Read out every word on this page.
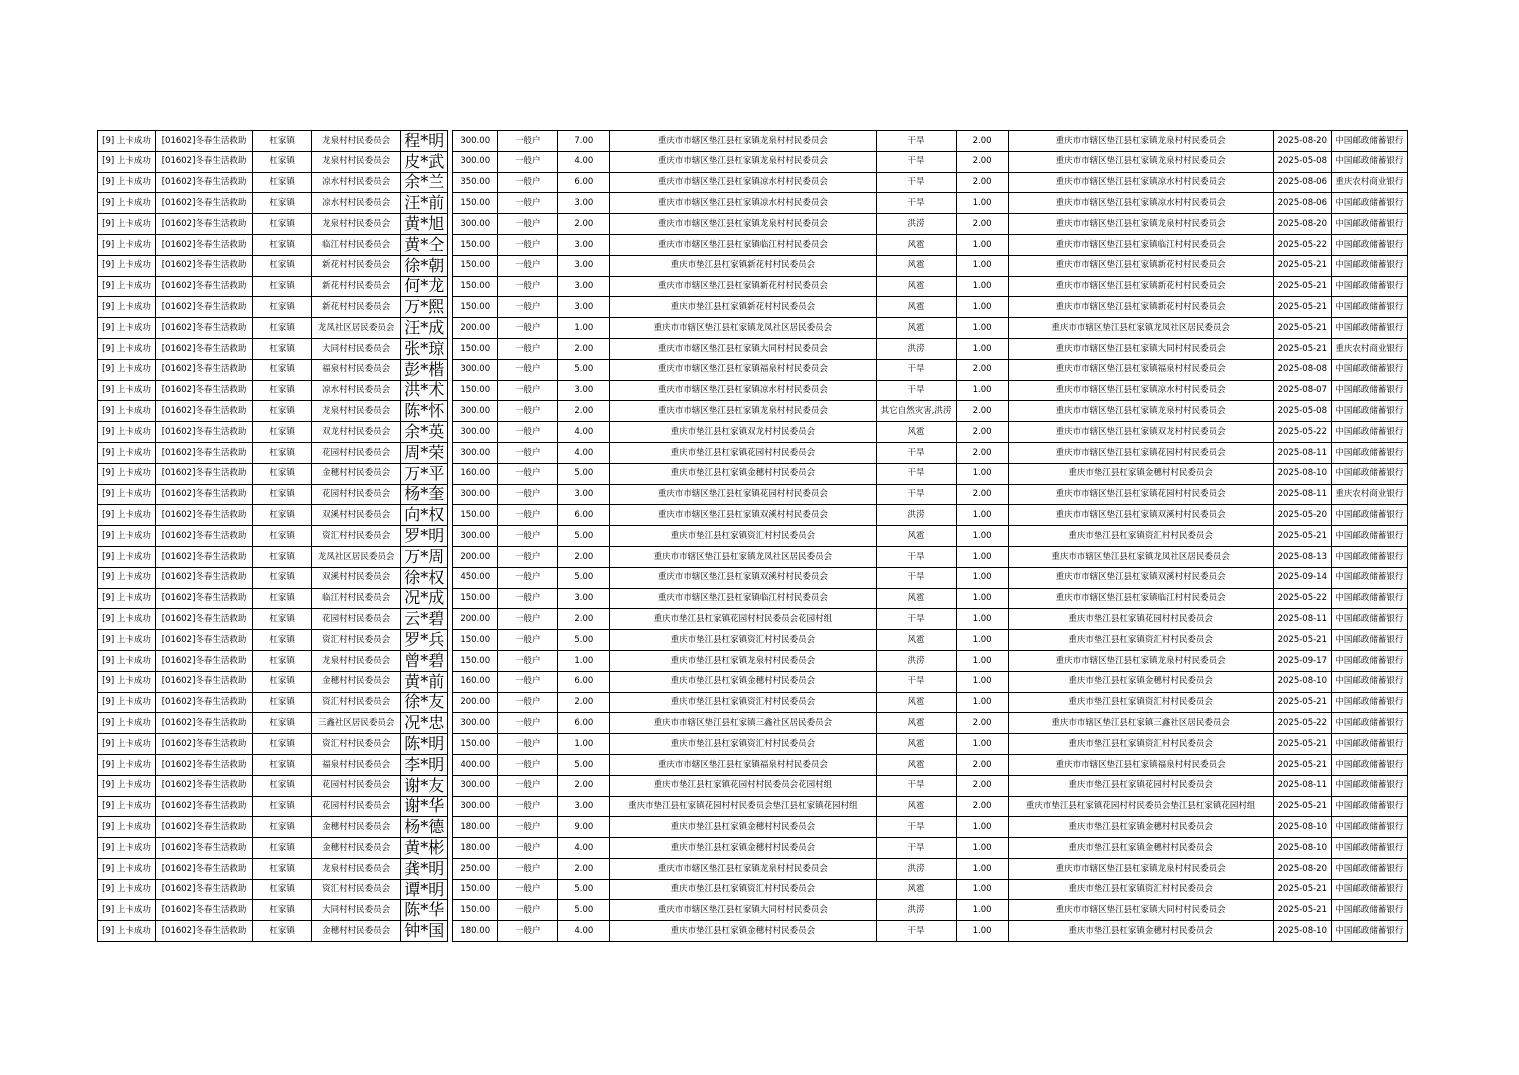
[9] 上卡成功	[01602]冬春生活救助	杠家镇	龙泉村村民委员会	程*明		300.00	一般户	7.00	重庆市市辖区垫江县杠家镇龙泉村村民委员会	干旱	2.00	重庆市市辖区垫江县杠家镇龙泉村村民委员会	2025-08-20	中国邮政储蓄银行
[9] 上卡成功	[01602]冬春生活救助	杠家镇	龙泉村村民委员会	皮*武		300.00	一般户	4.00	重庆市市辖区垫江县杠家镇龙泉村村民委员会	干旱	2.00	重庆市市辖区垫江县杠家镇龙泉村村民委员会	2025-05-08	中国邮政储蓄银行
[9] 上卡成功	[01602]冬春生活救助	杠家镇	凉水村村民委员会	余*兰		350.00	一般户	6.00	重庆市市辖区垫江县杠家镇凉水村村民委员会	干旱	2.00	重庆市市辖区垫江县杠家镇凉水村村民委员会	2025-08-06	重庆农村商业银行
[9] 上卡成功	[01602]冬春生活救助	杠家镇	凉水村村民委员会	汪*前		150.00	一般户	3.00	重庆市市辖区垫江县杠家镇凉水村村民委员会	干旱	1.00	重庆市市辖区垫江县杠家镇凉水村村民委员会	2025-08-06	中国邮政储蓄银行
[9] 上卡成功	[01602]冬春生活救助	杠家镇	龙泉村村民委员会	黄*旭		300.00	一般户	2.00	重庆市市辖区垫江县杠家镇龙泉村村民委员会	洪涝	2.00	重庆市市辖区垫江县杠家镇龙泉村村民委员会	2025-08-20	中国邮政储蓄银行
[9] 上卡成功	[01602]冬春生活救助	杠家镇	临江村村民委员会	黄*仝		150.00	一般户	3.00	重庆市市辖区垫江县杠家镇临江村村民委员会	风雹	1.00	重庆市市辖区垫江县杠家镇临江村村民委员会	2025-05-22	中国邮政储蓄银行
[9] 上卡成功	[01602]冬春生活救助	杠家镇	新花村村民委员会	徐*朝		150.00	一般户	3.00	重庆市垫江县杠家镇新花村村民委员会	风雹	1.00	重庆市市辖区垫江县杠家镇新花村村民委员会	2025-05-21	中国邮政储蓄银行
[9] 上卡成功	[01602]冬春生活救助	杠家镇	新花村村民委员会	何*龙		150.00	一般户	3.00	重庆市市辖区垫江县杠家镇新花村村民委员会	风雹	1.00	重庆市市辖区垫江县杠家镇新花村村民委员会	2025-05-21	中国邮政储蓄银行
[9] 上卡成功	[01602]冬春生活救助	杠家镇	新花村村民委员会	万*熙		150.00	一般户	3.00	重庆市垫江县杠家镇新花村村民委员会	风雹	1.00	重庆市市辖区垫江县杠家镇新花村村民委员会	2025-05-21	中国邮政储蓄银行
[9] 上卡成功	[01602]冬春生活救助	杠家镇	龙凤社区居民委员会	汪*成		200.00	一般户	1.00	重庆市市辖区垫江县杠家镇龙凤社区居民委员会	风雹	1.00	重庆市市辖区垫江县杠家镇龙凤社区居民委员会	2025-05-21	中国邮政储蓄银行
[9] 上卡成功	[01602]冬春生活救助	杠家镇	大同村村民委员会	张*琼		150.00	一般户	2.00	重庆市市辖区垫江县杠家镇大同村村民委员会	洪涝	1.00	重庆市市辖区垫江县杠家镇大同村村民委员会	2025-05-21	重庆农村商业银行
[9] 上卡成功	[01602]冬春生活救助	杠家镇	福泉村村民委员会	彭*楷		300.00	一般户	5.00	重庆市市辖区垫江县杠家镇福泉村村民委员会	干旱	2.00	重庆市市辖区垫江县杠家镇福泉村村民委员会	2025-08-08	中国邮政储蓄银行
[9] 上卡成功	[01602]冬春生活救助	杠家镇	凉水村村民委员会	洪*术		150.00	一般户	3.00	重庆市市辖区垫江县杠家镇凉水村村民委员会	干旱	1.00	重庆市市辖区垫江县杠家镇凉水村村民委员会	2025-08-07	中国邮政储蓄银行
[9] 上卡成功	[01602]冬春生活救助	杠家镇	龙泉村村民委员会	陈*怀		300.00	一般户	2.00	重庆市市辖区垫江县杠家镇龙泉村村民委员会	其它自然灾害,洪涝	2.00	重庆市市辖区垫江县杠家镇龙泉村村民委员会	2025-05-08	中国邮政储蓄银行
[9] 上卡成功	[01602]冬春生活救助	杠家镇	双龙村村民委员会	余*英		300.00	一般户	4.00	重庆市垫江县杠家镇双龙村村民委员会	风雹	2.00	重庆市市辖区垫江县杠家镇双龙村村民委员会	2025-05-22	中国邮政储蓄银行
[9] 上卡成功	[01602]冬春生活救助	杠家镇	花园村村民委员会	周*荣		300.00	一般户	4.00	重庆市垫江县杠家镇花园村村民委员会	干旱	2.00	重庆市市辖区垫江县杠家镇花园村村民委员会	2025-08-11	中国邮政储蓄银行
[9] 上卡成功	[01602]冬春生活救助	杠家镇	金穗村村民委员会	万*平		160.00	一般户	5.00	重庆市垫江县杠家镇金穗村村民委员会	干旱	1.00	重庆市垫江县杠家镇金穗村村民委员会	2025-08-10	中国邮政储蓄银行
[9] 上卡成功	[01602]冬春生活救助	杠家镇	花园村村民委员会	杨*奎		300.00	一般户	3.00	重庆市市辖区垫江县杠家镇花园村村民委员会	干旱	2.00	重庆市市辖区垫江县杠家镇花园村村民委员会	2025-08-11	重庆农村商业银行
[9] 上卡成功	[01602]冬春生活救助	杠家镇	双溪村村民委员会	向*权		150.00	一般户	6.00	重庆市市辖区垫江县杠家镇双溪村村民委员会	洪涝	1.00	重庆市市辖区垫江县杠家镇双溪村村民委员会	2025-05-20	中国邮政储蓄银行
[9] 上卡成功	[01602]冬春生活救助	杠家镇	资汇村村民委员会	罗*明		300.00	一般户	5.00	重庆市垫江县杠家镇资汇村村民委员会	风雹	1.00	重庆市垫江县杠家镇资汇村村民委员会	2025-05-21	中国邮政储蓄银行
[9] 上卡成功	[01602]冬春生活救助	杠家镇	龙凤社区居民委员会	万*周		200.00	一般户	2.00	重庆市市辖区垫江县杠家镇龙凤社区居民委员会	干旱	1.00	重庆市市辖区垫江县杠家镇龙凤社区居民委员会	2025-08-13	中国邮政储蓄银行
[9] 上卡成功	[01602]冬春生活救助	杠家镇	双溪村村民委员会	徐*权		450.00	一般户	5.00	重庆市市辖区垫江县杠家镇双溪村村民委员会	干旱	1.00	重庆市市辖区垫江县杠家镇双溪村村民委员会	2025-09-14	中国邮政储蓄银行
[9] 上卡成功	[01602]冬春生活救助	杠家镇	临江村村民委员会	况*成		150.00	一般户	3.00	重庆市市辖区垫江县杠家镇临江村村民委员会	风雹	1.00	重庆市市辖区垫江县杠家镇临江村村民委员会	2025-05-22	中国邮政储蓄银行
[9] 上卡成功	[01602]冬春生活救助	杠家镇	花园村村民委员会	云*碧		200.00	一般户	2.00	重庆市垫江县杠家镇花园村村民委员会花园村组	干旱	1.00	重庆市垫江县杠家镇花园村村民委员会	2025-08-11	中国邮政储蓄银行
[9] 上卡成功	[01602]冬春生活救助	杠家镇	资汇村村民委员会	罗*兵		150.00	一般户	5.00	重庆市垫江县杠家镇资汇村村民委员会	风雹	1.00	重庆市垫江县杠家镇资汇村村民委员会	2025-05-21	中国邮政储蓄银行
[9] 上卡成功	[01602]冬春生活救助	杠家镇	龙泉村村民委员会	曾*碧		150.00	一般户	1.00	重庆市垫江县杠家镇龙泉村村民委员会	洪涝	1.00	重庆市市辖区垫江县杠家镇龙泉村村民委员会	2025-09-17	中国邮政储蓄银行
[9] 上卡成功	[01602]冬春生活救助	杠家镇	金穗村村民委员会	黄*前		160.00	一般户	6.00	重庆市垫江县杠家镇金穗村村民委员会	干旱	1.00	重庆市垫江县杠家镇金穗村村民委员会	2025-08-10	中国邮政储蓄银行
[9] 上卡成功	[01602]冬春生活救助	杠家镇	资汇村村民委员会	徐*友		200.00	一般户	2.00	重庆市垫江县杠家镇资汇村村民委员会	风雹	1.00	重庆市垫江县杠家镇资汇村村民委员会	2025-05-21	中国邮政储蓄银行
[9] 上卡成功	[01602]冬春生活救助	杠家镇	三鑫社区居民委员会	况*忠		300.00	一般户	6.00	重庆市市辖区垫江县杠家镇三鑫社区居民委员会	风雹	2.00	重庆市市辖区垫江县杠家镇三鑫社区居民委员会	2025-05-22	中国邮政储蓄银行
[9] 上卡成功	[01602]冬春生活救助	杠家镇	资汇村村民委员会	陈*明		150.00	一般户	1.00	重庆市垫江县杠家镇资汇村村民委员会	风雹	1.00	重庆市垫江县杠家镇资汇村村民委员会	2025-05-21	中国邮政储蓄银行
[9] 上卡成功	[01602]冬春生活救助	杠家镇	福泉村村民委员会	李*明		400.00	一般户	5.00	重庆市市辖区垫江县杠家镇福泉村村民委员会	风雹	2.00	重庆市市辖区垫江县杠家镇福泉村村民委员会	2025-05-21	中国邮政储蓄银行
[9] 上卡成功	[01602]冬春生活救助	杠家镇	花园村村民委员会	谢*友		300.00	一般户	2.00	重庆市垫江县杠家镇花园村村民委员会花园村组	干旱	2.00	重庆市垫江县杠家镇花园村村民委员会	2025-08-11	中国邮政储蓄银行
[9] 上卡成功	[01602]冬春生活救助	杠家镇	花园村村民委员会	谢*华		300.00	一般户	3.00	重庆市垫江县杠家镇花园村村民委员会垫江县杠家镇花园村组	风雹	2.00	重庆市垫江县杠家镇花园村村民委员会垫江县杠家镇花园村组	2025-05-21	中国邮政储蓄银行
[9] 上卡成功	[01602]冬春生活救助	杠家镇	金穗村村民委员会	杨*德		180.00	一般户	9.00	重庆市垫江县杠家镇金穗村村民委员会	干旱	1.00	重庆市垫江县杠家镇金穗村村民委员会	2025-08-10	中国邮政储蓄银行
[9] 上卡成功	[01602]冬春生活救助	杠家镇	金穗村村民委员会	黄*彬		180.00	一般户	4.00	重庆市垫江县杠家镇金穗村村民委员会	干旱	1.00	重庆市垫江县杠家镇金穗村村民委员会	2025-08-10	中国邮政储蓄银行
[9] 上卡成功	[01602]冬春生活救助	杠家镇	龙泉村村民委员会	龚*明		250.00	一般户	2.00	重庆市市辖区垫江县杠家镇龙泉村村民委员会	洪涝	1.00	重庆市市辖区垫江县杠家镇龙泉村村民委员会	2025-08-20	中国邮政储蓄银行
[9] 上卡成功	[01602]冬春生活救助	杠家镇	资汇村村民委员会	谭*明		150.00	一般户	5.00	重庆市垫江县杠家镇资汇村村民委员会	风雹	1.00	重庆市垫江县杠家镇资汇村村民委员会	2025-05-21	中国邮政储蓄银行
[9] 上卡成功	[01602]冬春生活救助	杠家镇	大同村村民委员会	陈*华		150.00	一般户	5.00	重庆市市辖区垫江县杠家镇大同村村民委员会	洪涝	1.00	重庆市市辖区垫江县杠家镇大同村村民委员会	2025-05-21	中国邮政储蓄银行
[9] 上卡成功	[01602]冬春生活救助	杠家镇	金穗村村民委员会	钟*国		180.00	一般户	4.00	重庆市垫江县杠家镇金穗村村民委员会	干旱	1.00	重庆市垫江县杠家镇金穗村村民委员会	2025-08-10	中国邮政储蓄银行
